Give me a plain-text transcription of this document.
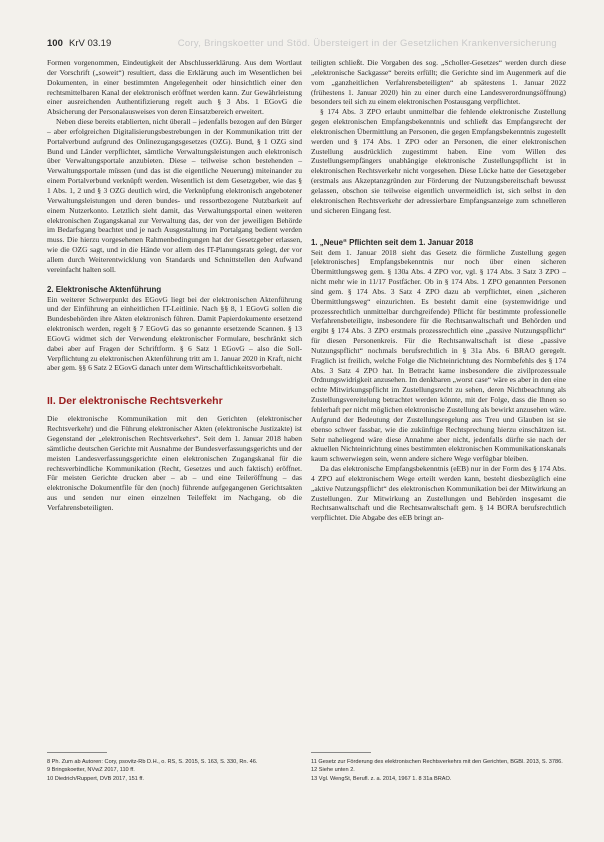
100 KrV 03.19	Cory, Bringskoetter und Stöd. Übersteigert in der Gesetzlichen Krankenversicherung

Formen vorgenommen, Eindeutigkeit der Abschlusserklärung. Aus dem Wortlaut der Vorschrift („soweit“) resultiert, dass die Erklärung auch im Wesentlichen bei Dokumenten, in einer bestimmten Angelegenheit oder hinsichtlich einer den rechtsmittelbaren Kanal der elektronisch eröffnet werden kann. Zur Gewährleistung einer ausreichenden Authentifizierung regelt auch § 3 Abs. 1 EGovG die Absicherung der Personalausweises von deren Einsatzbereich erweitert.

Neben diese bereits etablierten, nicht überall – jedenfalls bezogen auf den Bürger – aber erfolgreichen Digitalisierungsbestrebungen in der Kommunikation tritt der Portalverbund aufgrund des Onlinezugangsgesetzes (OZG). Bund, § 1 OZG sind Bund und Länder verpflichtet, sämtliche Verwaltungsleistungen auch elektronisch über Verwaltungsportale anzubieten. Diese – teilweise schon bestehenden – Verwaltungsportale müssen (und das ist die eigentliche Neuerung) miteinander zu einem Portalverbund verknüpft werden. Wesentlich ist dem Gesetzgeber, wie das § 1 Abs. 1, 2 und § 3 OZG deutlich wird, die Verknüpfung elektronisch angebotener Verwaltungsleistungen und deren bundes- und ressortbezogene Nutzbarkeit auf einem Nutzerkonto. Letztlich sieht damit, das Verwaltungsportal einen weiteren elektronischen Zugangskanal zur Verwaltung das, der von der jeweiligen Behörde im Bedarfsgang beachtet und je nach Ausgestaltung im Portalgang bedient werden muss. Die hierzu vorgesehenen Rahmenbedingungen hat der Gesetzgeber erlassen, wie die OZG sagt, und in die Hände vor allem des IT-Planungsrats gelegt, der vor allem durch Weiterentwicklung von Standards und Schnittstellen den Aufwand vereinfacht halten soll.

2. Elektronische Aktenführung

Ein weiterer Schwerpunkt des EGovG liegt bei der elektronischen Aktenführung und der Einführung an einheitlichen IT-Leitlinie. Nach §§ 8, 1 EGovG sollen die Bundesbehörden ihre Akten elektronisch führen. Damit Papierdokumente ersetzend elektronisch werden, regelt § 7 EGovG das so genannte ersetzende Scannen. § 13 EGovG widmet sich der Verwendung elektronischer Formulare, beschränkt sich dabei aber auf Fragen der Schriftform. § 6 Satz 1 EGovG – also die Soll-Verpflichtung zu elektronischen Aktenführung tritt am 1. Januar 2020 in Kraft, nicht aber gem. §§ 6 Satz 2 EGovG danach unter dem Wirtschaftlichkeitsvorbehalt.

II. Der elektronische Rechtsverkehr

Die elektronische Kommunikation mit den Gerichten (elektronischer Rechtsverkehr) und die Führung elektronischer Akten (elektronische Justizakte) ist Gegenstand der „elektronischen Rechtsverkehrs“. Seit dem 1. Januar 2018 haben sämtliche deutschen Gerichte mit Ausnahme der Bundesverfassungsgerichts und der meisten Landesverfassungsgerichte einen elektronischen Zugangskanal für die rechtsverbindliche Kommunikation (Recht, Gesetzes und auch faktisch) eröffnet. Für meisten Gerichte drucken aber – ab – und eine Teileröffnung – das elektronische Dokumentfile für den (noch) führende aufgegangenen Gerichtsakten aus und senden nur einen einzelnen Teileffekt im Nachgang, ob die Verfahrensbeteiligten.

teiligten schließt. Die Vorgaben des sog. „Scholler-Gesetzes“ werden durch diese „elektronische Sackgasse“ bereits erfüllt; die Gerichte sind im Augenmerk auf die vom „ganzheitlichen Verfahrensbeteiligten“ ab spätestens 1. Januar 2022 (frühestens 1. Januar 2020) hin zu einer durch eine Landesverordnungsöffnung) besonders teil sich zu einem elektronischen Postausgang verpflichtet.

§ 174 Abs. 3 ZPO erlaubt unmittelbar die fehlende elektronische Zustellung gegen elektronischen Empfangsbekenntnis und schließt das Empfangsrecht der elektronischen Übermittlung an Personen, die gegen Empfangsbekenntnis zugestellt werden und § 174 Abs. 1 ZPO oder an Personen, die einer elektronischen Zustellung ausdrücklich zugestimmt haben. Eine vom Willen des Zustellungsempfängers unabhängige elektronische Zustellungspflicht ist in elektronischen Rechtsverkehr nicht vorgesehen. Diese Lücke hatte der Gesetzgeber (erstmals aus Akzeptanzgründen zur Förderung der Nutzungsbereitschaft bewusst gelassen, obschon sie teilweise eigentlich unvermeidlich ist, sich selbst in den elektronischen Rechtsverkehr der adressierbare Empfangsanzeige zum schnelleren und sicheren Eingang fest.

1. „Neue“ Pflichten seit dem 1. Januar 2018

Seit dem 1. Januar 2018 sieht das Gesetz die förmliche Zustellung gegen [elektronisches] Empfangsbekenntnis nur noch über einen sicheren Übermittlungsweg gem. § 130a Abs. 4 ZPO vor, vgl. § 174 Abs. 3 Satz 3 ZPO – nicht mehr wie in 11/17 Postfächer. Ob in § 174 Abs. 1 ZPO genannten Personen sind gem. § 174 Abs. 3 Satz 4 ZPO dazu ab verpflichtet, einen „sicheren Übermittlungsweg“ einzurichten. Es besteht damit eine (systemwidrige und prozessrechtlich unmittelbar durchgreifende) Pflicht für bestimmte professionelle Verfahrensbeteiligte, insbesondere für die Rechtsanwaltschaft und Behörden und ergibt § 174 Abs. 3 ZPO erstmals prozessrechtlich eine „passive Nutzungspflicht“ für diesen Personenkreis. Für die Rechtsanwaltschaft ist diese „passive Nutzungspflicht“ nochmals berufsrechtlich in § 31a Abs. 6 BRAO geregelt. Fraglich ist freilich, welche Folge die Nichteinrichtung des Normbefehls des § 174 Abs. 3 Satz 4 ZPO hat. In Betracht kame insbesondere die zivilprozessuale Ordnungswidrigkeit anzusehen. Im denkbaren „worst case“ wäre es aber in den eine echte Mitwirkungspflicht im Zustellungsrecht zu sehen, deren Nichtbeachtung als Zustellungsvereitelung betrachtet werden könnte, mit der Folge, dass die Ihnen so fehlerhaft per nicht möglichen elektronische Zustellung als bewirkt anzusehen wäre. Aufgrund der Bedeutung der Zustellungsregelung aus Treu und Glauben ist sie ebenso schwer fassbar, wie die zukünftige Rechtsprechung hierzu einschätzen ist. Sehr naheliegend wäre diese Annahme aber nicht, jedenfalls dürfte sie nach der aktuellen Nichteinrichtung eines bestimmten elektronischen Kommunikationskanals kaum schwerwiegen sein, wenn andere sichere Wege verfügbar bleiben.

Da das elektronische Empfangsbekenntnis (eEB) nur in der Form des § 174 Abs. 4 ZPO auf elektronischem Wege erteilt werden kann, besteht diesbezüglich eine „aktive Nutzungspflicht“ des elektronischen Kommunikation bei der Mitwirkung an Zustellungen. Zur Mitwirkung an Zustellungen und Behörden insgesamt die Rechtsanwaltschaft und die Rechtsanwaltschaft gem. § 14 BORA berufsrechtlich verpflichtet. Die Abgabe des eEB bringt an-

8 Ph. Zum ab Autoren: Cory, psovitz-Rb D.H., o. RS, S. 2015, S. 163, S. 330, Rn. 46.
9 Bringskoetter, NVwZ 2017, 110 ff.
10 Diedrich/Ruppert, DVB 2017, 151 ff.
11 Gesetz zur Förderung des elektronischen Rechtsverkehrs mit den Gerichten, BGBl. 2013, S. 3786.
12 Siehe unten 2.
13 Vgl. WengSt, Berufl. z. a. 2014, 1967 1. 8 31a BRAO.
